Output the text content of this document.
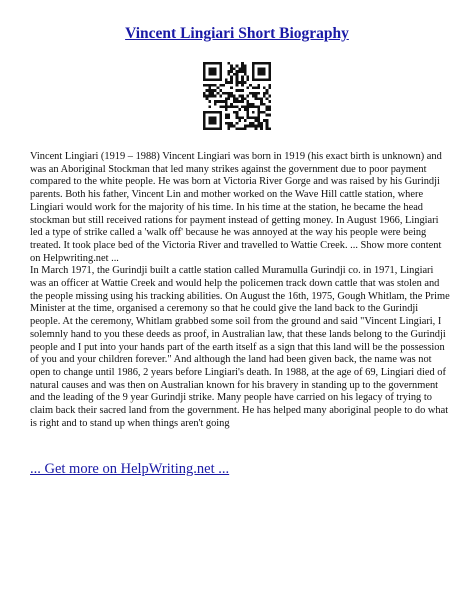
Vincent Lingiari Short Biography

Vincent Lingiari (1919 – 1988) Vincent Lingiari was born in 1919 (his exact birth is unknown) and was an Aboriginal Stockman that led many strikes against the government due to poor payment compared to the white people. He was born at Victoria River Gorge and was raised by his Gurindji parents. Both his father, Vincent Lin and mother worked on the Wave Hill cattle station, where Lingiari would work for the majority of his time. In his time at the station, he became the head stockman but still received rations for payment instead of getting money. In August 1966, Lingiari led a type of strike called a 'walk off' because he was annoyed at the way his people were being treated. It took place bed of the Victoria River and travelled to Wattie Creek. ... Show more content on Helpwriting.net ...

In March 1971, the Gurindji built a cattle station called Muramulla Gurindji co. in 1971, Lingiari was an officer at Wattie Creek and would help the policemen track down cattle that was stolen and the people missing using his tracking abilities. On August the 16th, 1975, Gough Whitlam, the Prime Minister at the time, organised a ceremony so that he could give the land back to the Gurindji people. At the ceremony, Whitlam grabbed some soil from the ground and said "Vincent Lingiari, I solemnly hand to you these deeds as proof, in Australian law, that these lands belong to the Gurindji people and I put into your hands part of the earth itself as a sign that this land will be the possession of you and your children forever." And although the land had been given back, the name was not open to change until 1986, 2 years before Lingiari's death. In 1988, at the age of 69, Lingiari died of natural causes and was then on Australian known for his bravery in standing up to the government and the leading of the 9 year Gurindji strike. Many people have carried on his legacy of trying to claim back their sacred land from the government. He has helped many aboriginal people to do what is right and to stand up when things aren't going

... Get more on HelpWriting.net ...
